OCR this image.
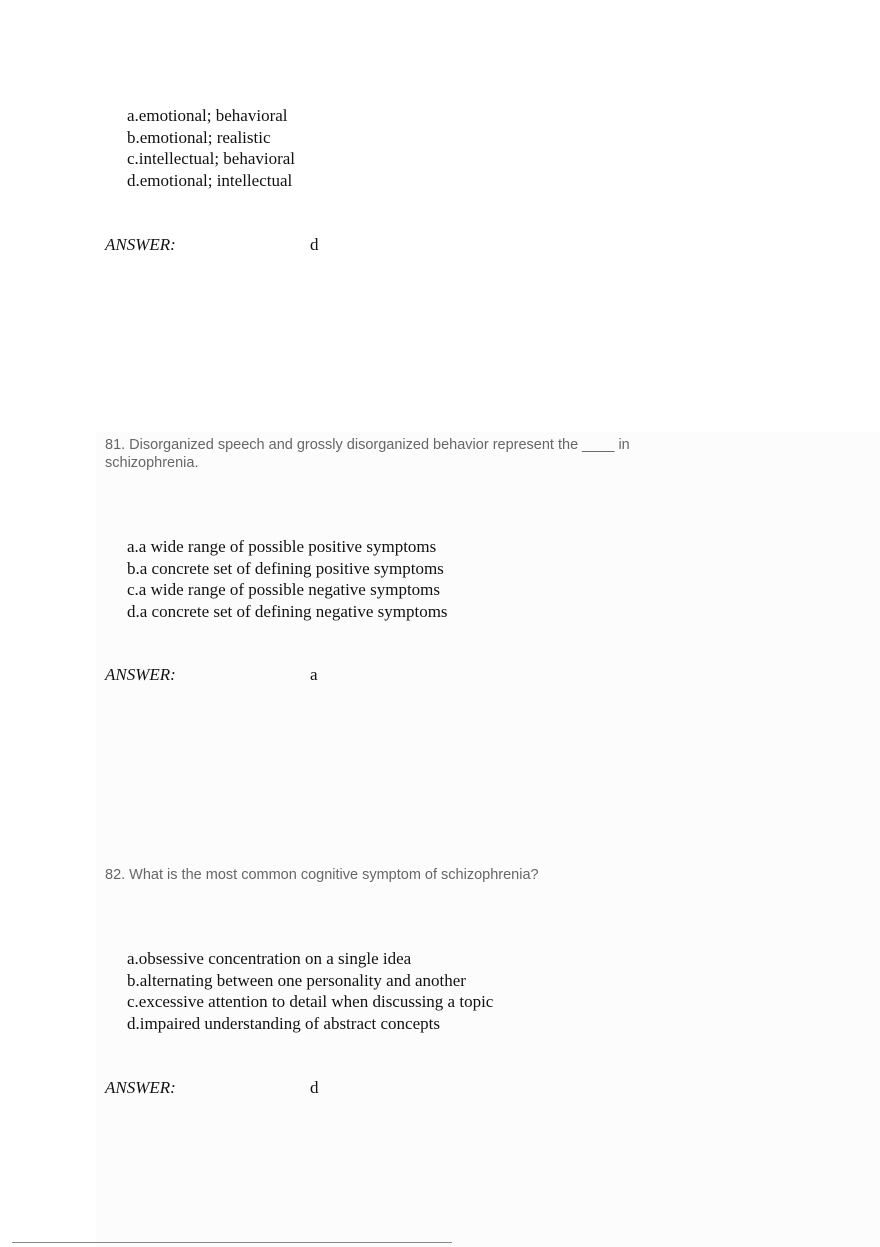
a.emotional; behavioral
b.emotional; realistic
c.intellectual; behavioral
d.emotional; intellectual
ANSWER:	d

81. Disorganized speech and grossly disorganized behavior represent the ____ in schizophrenia.

a.a wide range of possible positive symptoms
b.a concrete set of defining positive symptoms
c.a wide range of possible negative symptoms
d.a concrete set of defining negative symptoms
ANSWER:	a

82. What is the most common cognitive symptom of schizophrenia?

a.obsessive concentration on a single idea
b.alternating between one personality and another
c.excessive attention to detail when discussing a topic
d.impaired understanding of abstract concepts
ANSWER:	d
